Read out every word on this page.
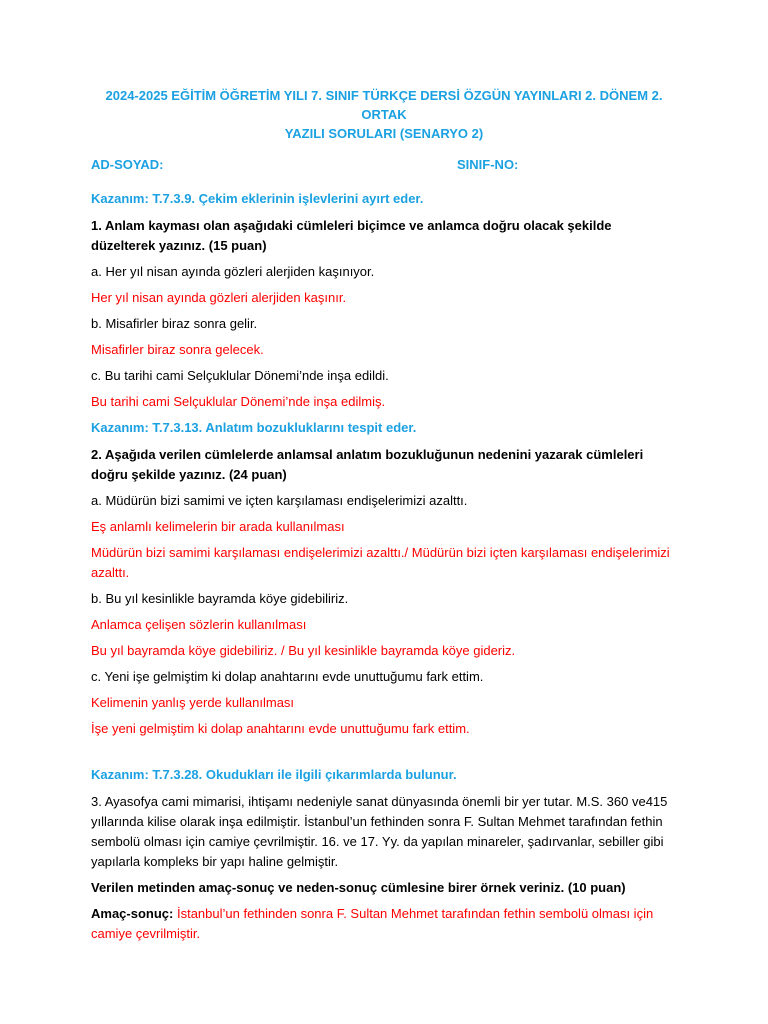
2024-2025 EĞİTİM ÖĞRETİM YILI 7. SINIF TÜRKÇE DERSİ ÖZGÜN YAYINLARI 2. DÖNEM 2. ORTAK
YAZILI SORULARI (SENARYO 2)
AD-SOYAD:	SINIF-NO:
Kazanım: T.7.3.9. Çekim eklerinin işlevlerini ayırt eder.
1. Anlam kayması olan aşağıdaki cümleleri biçimce ve anlamca doğru olacak şekilde düzelterek yazınız. (15 puan)
a. Her yıl nisan ayında gözleri alerjiden kaşınıyor.
Her yıl nisan ayında gözleri alerjiden kaşınır.
b. Misafirler biraz sonra gelir.
Misafirler biraz sonra gelecek.
c. Bu tarihi cami Selçuklular Dönemi’nde inşa edildi.
Bu tarihi cami Selçuklular Dönemi’nde inşa edilmiş.
Kazanım: T.7.3.13. Anlatım bozukluklarını tespit eder.
2. Aşağıda verilen cümlelerde anlamsal anlatım bozukluğunun nedenini yazarak cümleleri doğru şekilde yazınız. (24 puan)
a. Müdürün bizi samimi ve içten karşılaması endişelerimizi azalttı.
Eş anlamlı kelimelerin bir arada kullanılması
Müdürün bizi samimi karşılaması endişelerimizi azalttı./ Müdürün bizi içten karşılaması endişelerimizi azalttı.
b. Bu yıl kesinlikle bayramda köye gidebiliriz.
Anlamca çelişen sözlerin kullanılması
Bu yıl bayramda köye gidebiliriz. / Bu yıl kesinlikle bayramda köye gideriz.
c. Yeni işe gelmiştim ki dolap anahtarını evde unuttuğumu fark ettim.
Kelimenin yanlış yerde kullanılması
İşe yeni gelmiştim ki dolap anahtarını evde unuttuğumu fark ettim.
Kazanım: T.7.3.28. Okudukları ile ilgili çıkarımlarda bulunur.
3. Ayasofya cami mimarisi, ihtişamı nedeniyle sanat dünyasında önemli bir yer tutar. M.S. 360 ve415 yıllarında kilise olarak inşa edilmiştir. İstanbul’un fethinden sonra F. Sultan Mehmet tarafından fethin sembolü olması için camiye çevrilmiştir. 16. ve 17. Yy. da yapılan minareler, şadırvanlar, sebiller gibi yapılarla kompleks bir yapı haline gelmiştir.
Verilen metinden amaç-sonuç ve neden-sonuç cümlesine birer örnek veriniz. (10 puan)
Amaç-sonuç: İstanbul’un fethinden sonra F. Sultan Mehmet tarafından fethin sembolü olması için camiye çevrilmiştir.
